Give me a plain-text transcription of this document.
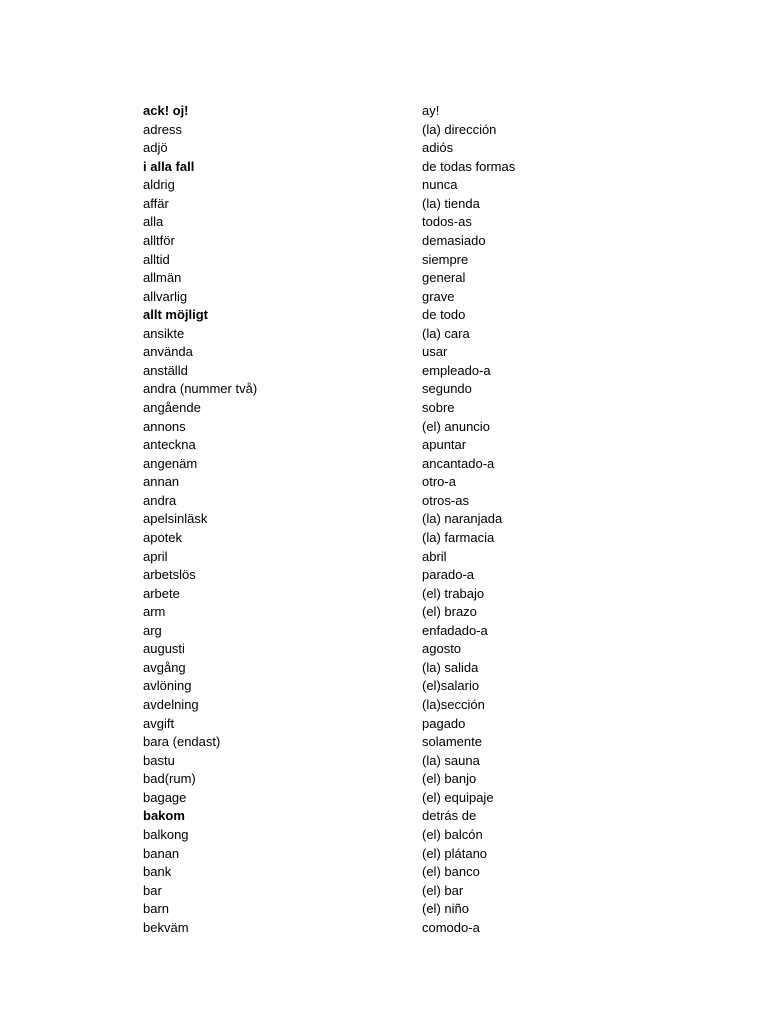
ack! oj!	ay!
adress	(la) dirección
adjö	adiós
i alla fall	de todas formas
aldrig	nunca
affär	(la) tienda
alla	todos-as
alltför	demasiado
alltid	siempre
allmän	general
allvarlig	grave
allt möjligt	de todo
ansikte	(la) cara
använda	usar
anställd	empleado-a
andra (nummer två)	segundo
angående	sobre
annons	(el) anuncio
anteckna	apuntar
angenäm	ancantado-a
annan	otro-a
andra	otros-as
apelsinläsk	(la) naranjada
apotek	(la) farmacia
april	abril
arbetslös	parado-a
arbete	(el) trabajo
arm	(el) brazo
arg	enfadado-a
augusti	agosto
avgång	(la) salida
avlöning	(el)salario
avdelning	(la)sección
avgift	pagado
bara (endast)	solamente
bastu	(la) sauna
bad(rum)	(el) banjo
bagage	(el) equipaje
bakom	detrás de
balkong	(el) balcón
banan	(el) plátano
bank	(el) banco
bar	(el) bar
barn	(el) niño
bekväm	comodo-a
